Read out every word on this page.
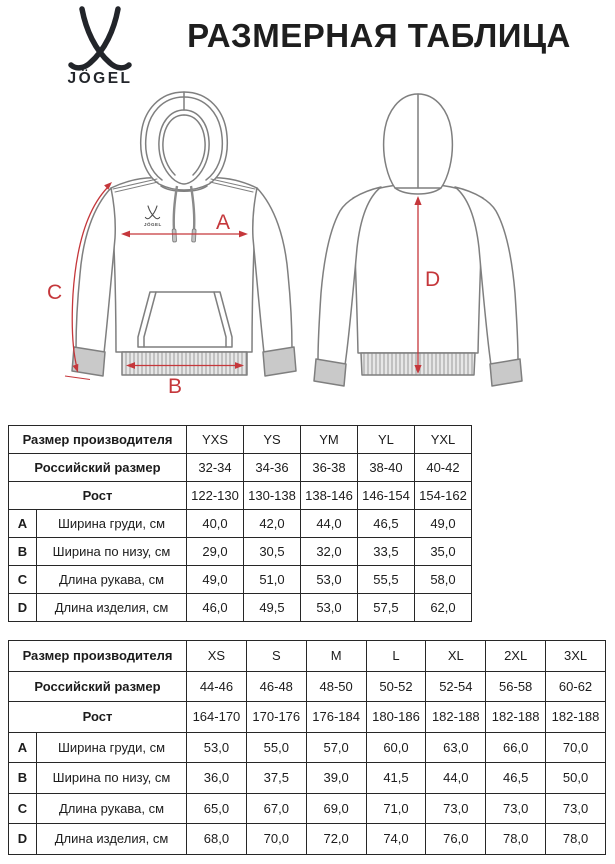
JÖGEL
РАЗМЕРНАЯ ТАБЛИЦА
JÖGEL	A
B
C
D
Размер производителя		YXS	YS	YM	YL	YXL
Российский размер		32-34	34-36	36-38	38-40	40-42
Рост		122-130	130-138	138-146	146-154	154-162
A	Ширина груди, см	40,0	42,0	44,0	46,5	49,0
B	Ширина по низу, см	29,0	30,5	32,0	33,5	35,0
C	Длина рукава, см	49,0	51,0	53,0	55,5	58,0
D	Длина изделия, см	46,0	49,5	53,0	57,5	62,0
Размер производителя		XS	S	M	L	XL	2XL	3XL
Российский размер		44-46	46-48	48-50	50-52	52-54	56-58	60-62
Рост		164-170	170-176	176-184	180-186	182-188	182-188	182-188
A	Ширина груди, см	53,0	55,0	57,0	60,0	63,0	66,0	70,0
B	Ширина по низу, см	36,0	37,5	39,0	41,5	44,0	46,5	50,0
C	Длина рукава, см	65,0	67,0	69,0	71,0	73,0	73,0	73,0
D	Длина изделия, см	68,0	70,0	72,0	74,0	76,0	78,0	78,0
